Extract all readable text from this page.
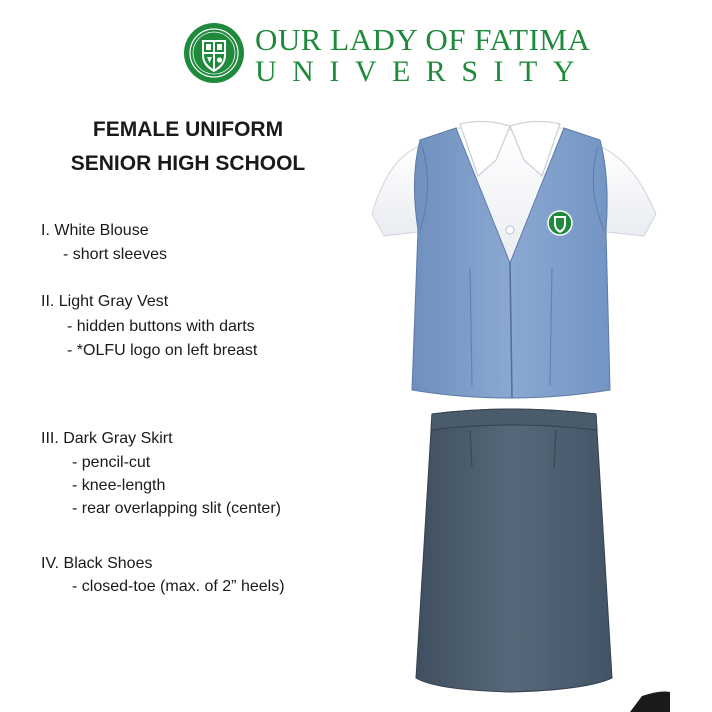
OUR LADY OF FATIMA
UNIVERSITY
FEMALE UNIFORM
SENIOR HIGH SCHOOL
I. White Blouse
- short sleeves
II. Light Gray Vest
- hidden buttons with darts
- *OLFU logo on left breast
III. Dark Gray Skirt
- pencil-cut
- knee-length
- rear overlapping slit (center)
IV. Black Shoes
- closed-toe (max. of 2” heels)
